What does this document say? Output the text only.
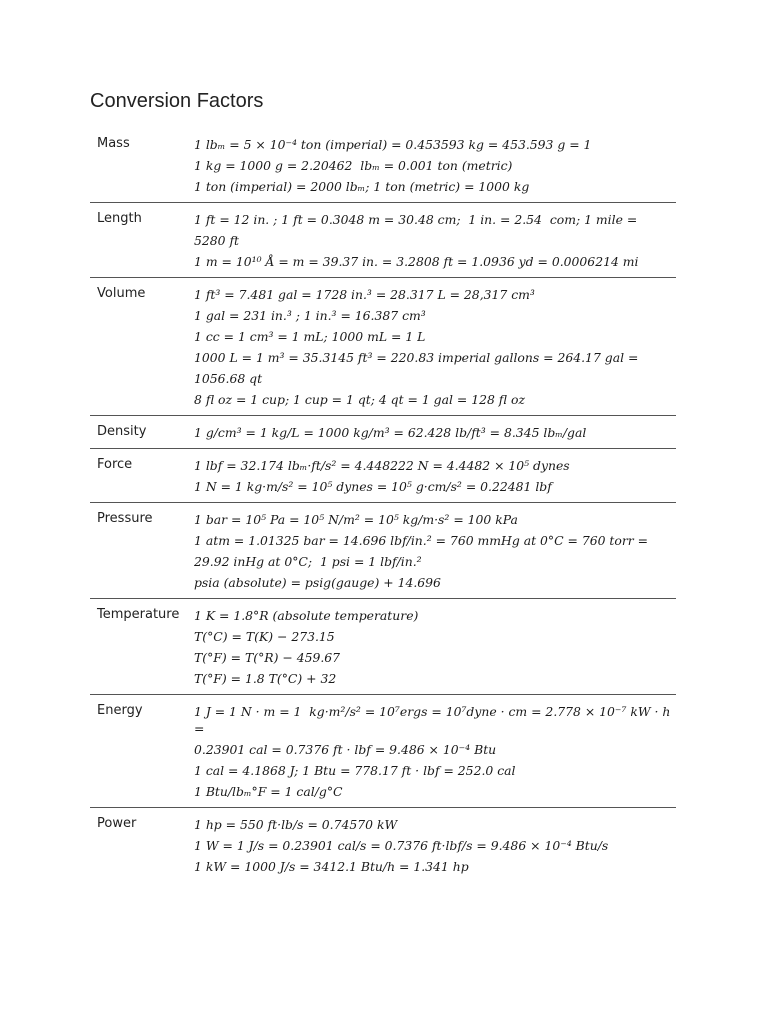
Conversion Factors
Mass	1 lbₘ = 5 × 10⁻⁴ ton (imperial) = 0.453593 kg = 453.593 g = 1
1 kg = 1000 g = 2.20462  lbₘ = 0.001 ton (metric)
1 ton (imperial) = 2000 lbₘ; 1 ton (metric) = 1000 kg
Length	1 ft = 12 in. ; 1 ft = 0.3048 m = 30.48 cm;  1 in. = 2.54  com; 1 mile =
5280 ft
1 m = 10¹⁰ Å = m = 39.37 in. = 3.2808 ft = 1.0936 yd = 0.0006214 mi
Volume	1 ft³ = 7.481 gal = 1728 in.³ = 28.317 L = 28,317 cm³
1 gal = 231 in.³ ; 1 in.³ = 16.387 cm³
1 cc = 1 cm³ = 1 mL; 1000 mL = 1 L
1000 L = 1 m³ = 35.3145 ft³ = 220.83 imperial gallons = 264.17 gal =
1056.68 qt
8 fl oz = 1 cup; 1 cup = 1 qt; 4 qt = 1 gal = 128 fl oz
Density	1 g/cm³ = 1 kg/L = 1000 kg/m³ = 62.428 lb/ft³ = 8.345 lbₘ/gal
Force	1 lbf = 32.174 lbₘ·ft/s² = 4.448222 N = 4.4482 × 10⁵ dynes
1 N = 1 kg·m/s² = 10⁵ dynes = 10⁵ g·cm/s² = 0.22481 lbf
Pressure	1 bar = 10⁵ Pa = 10⁵ N/m² = 10⁵ kg/m·s² = 100 kPa
1 atm = 1.01325 bar = 14.696 lbf/in.² = 760 mmHg at 0°C = 760 torr =
29.92 inHg at 0°C;  1 psi = 1 lbf/in.²
psia (absolute) = psig(gauge) + 14.696
Temperature 1 K = 1.8°R (absolute temperature)
T(°C) = T(K) − 273.15
T(°F) = T(°R) − 459.67
T(°F) = 1.8 T(°C) + 32
Energy	1 J = 1 N · m = 1  kg·m²/s² = 10⁷ergs = 10⁷dyne · cm = 2.778 × 10⁻⁷ kW · h =
0.23901 cal = 0.7376 ft · lbf = 9.486 × 10⁻⁴ Btu
1 cal = 4.1868 J; 1 Btu = 778.17 ft · lbf = 252.0 cal
1 Btu/lbₘ°F = 1 cal/g°C
Power	1 hp = 550 ft·lb/s = 0.74570 kW
1 W = 1 J/s = 0.23901 cal/s = 0.7376 ft·lbf/s = 9.486 × 10⁻⁴ Btu/s
1 kW = 1000 J/s = 3412.1 Btu/h = 1.341 hp
